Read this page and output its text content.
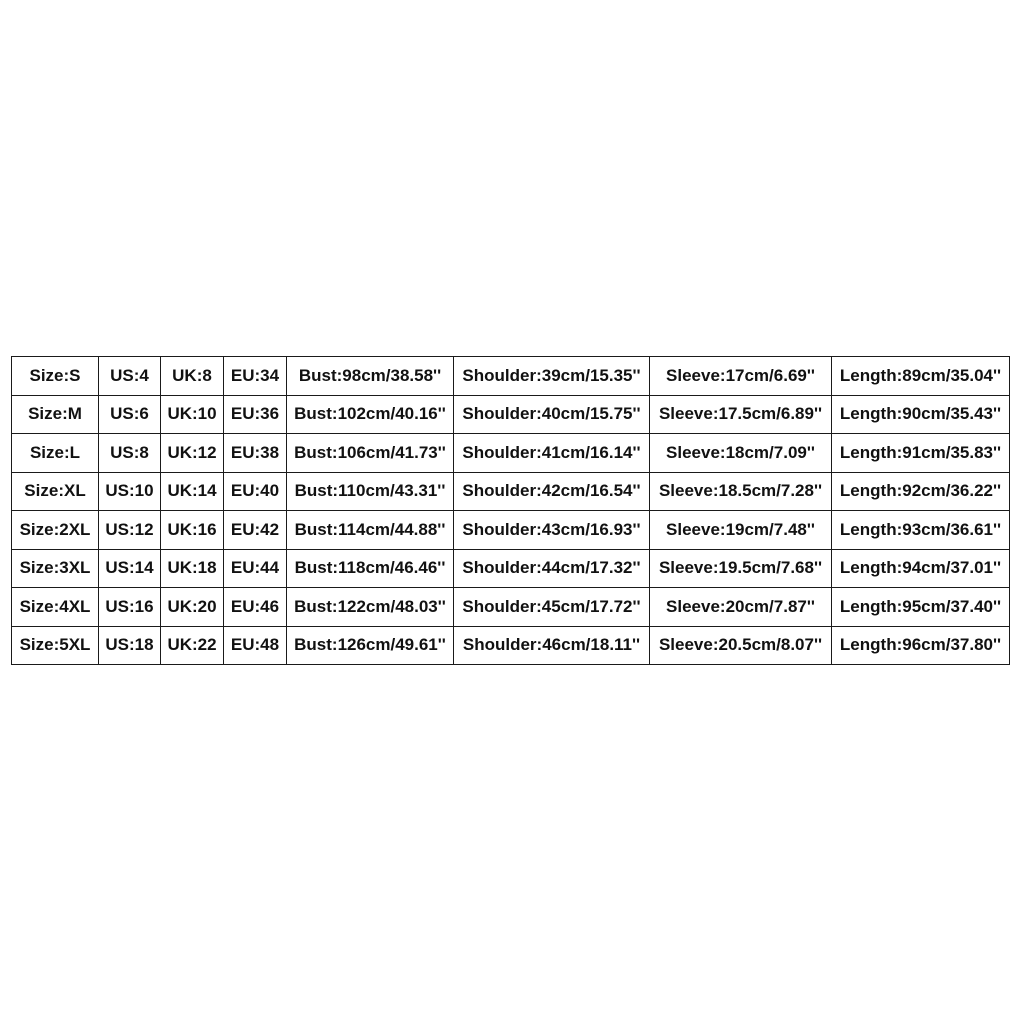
Size:S	US:4	UK:8	EU:34	Bust:98cm/38.58''	Shoulder:39cm/15.35''	Sleeve:17cm/6.69''	Length:89cm/35.04''
Size:M	US:6	UK:10	EU:36	Bust:102cm/40.16''	Shoulder:40cm/15.75''	Sleeve:17.5cm/6.89''	Length:90cm/35.43''
Size:L	US:8	UK:12	EU:38	Bust:106cm/41.73''	Shoulder:41cm/16.14''	Sleeve:18cm/7.09''	Length:91cm/35.83''
Size:XL	US:10	UK:14	EU:40	Bust:110cm/43.31''	Shoulder:42cm/16.54''	Sleeve:18.5cm/7.28''	Length:92cm/36.22''
Size:2XL	US:12	UK:16	EU:42	Bust:114cm/44.88''	Shoulder:43cm/16.93''	Sleeve:19cm/7.48''	Length:93cm/36.61''
Size:3XL	US:14	UK:18	EU:44	Bust:118cm/46.46''	Shoulder:44cm/17.32''	Sleeve:19.5cm/7.68''	Length:94cm/37.01''
Size:4XL	US:16	UK:20	EU:46	Bust:122cm/48.03''	Shoulder:45cm/17.72''	Sleeve:20cm/7.87''	Length:95cm/37.40''
Size:5XL	US:18	UK:22	EU:48	Bust:126cm/49.61''	Shoulder:46cm/18.11''	Sleeve:20.5cm/8.07''	Length:96cm/37.80''
